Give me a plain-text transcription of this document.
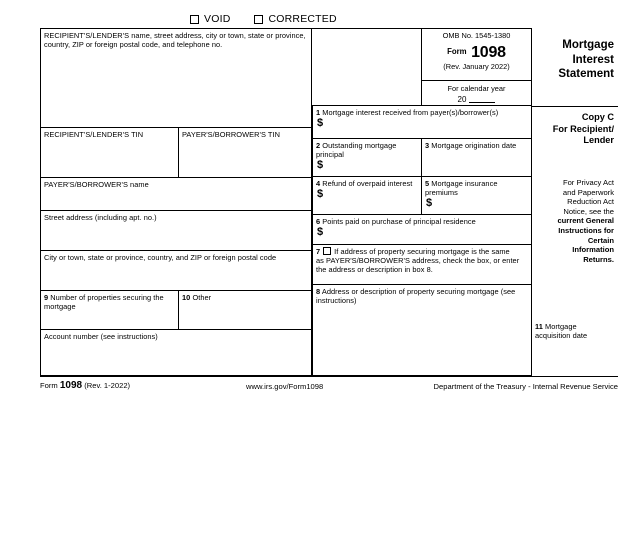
VOID	CORRECTED
RECIPIENT'S/LENDER'S name, street address, city or town, state or province, country, ZIP or foreign postal code, and telephone no.
RECIPIENT'S/LENDER'S TIN	PAYER'S/BORROWER'S TIN
PAYER'S/BORROWER'S name
Street address (including apt. no.)
City or town, state or province, country, and ZIP or foreign postal code
9 Number of properties securing the mortgage
10 Other
Account number (see instructions)
OMB No. 1545-1380
Form 1098
(Rev. January 2022)
For calendar year
20
1 Mortgage interest received from payer(s)/borrower(s)
$
2 Outstanding mortgage principal
$
3 Mortgage origination date
4 Refund of overpaid interest
$
5 Mortgage insurance premiums
$
6 Points paid on purchase of principal residence
$
7 If address of property securing mortgage is the same
as PAYER'S/BORROWER'S address, check the box, or enter
the address or description in box 8.
8 Address or description of property securing mortgage (see instructions)
Mortgage
Interest
Statement
Copy C
For Recipient/
Lender
For Privacy Act
and Paperwork
Reduction Act
Notice, see the
current General
Instructions for
Certain
Information
Returns.
11 Mortgage
acquisition date
Form 1098 (Rev. 1-2022)	www.irs.gov/Form1098	Department of the Treasury - Internal Revenue Service
